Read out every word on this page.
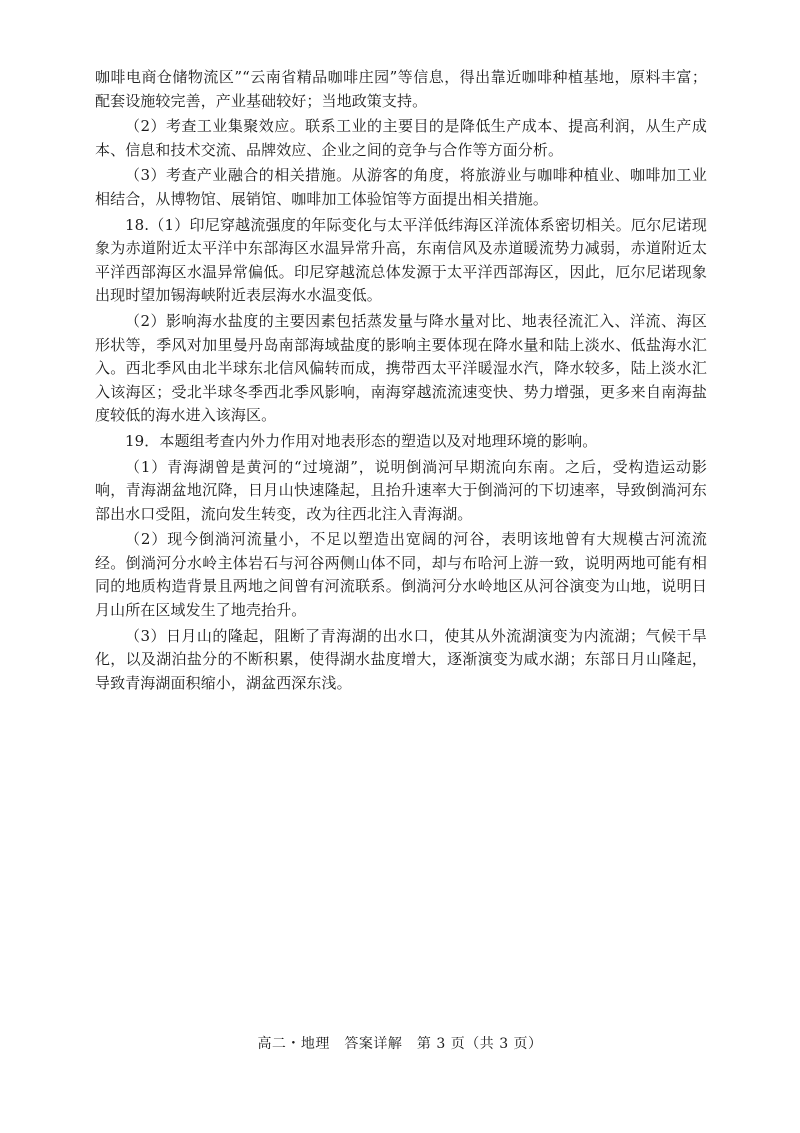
咖啡电商仓储物流区”“云南省精品咖啡庄园”等信息，得出靠近咖啡种植基地，原料丰富；配套设施较完善，产业基础较好；当地政策支持。

（2）考查工业集聚效应。联系工业的主要目的是降低生产成本、提高利润，从生产成本、信息和技术交流、品牌效应、企业之间的竞争与合作等方面分析。

（3）考查产业融合的相关措施。从游客的角度，将旅游业与咖啡种植业、咖啡加工业相结合，从博物馆、展销馆、咖啡加工体验馆等方面提出相关措施。

18.（1）印尼穿越流强度的年际变化与太平洋低纬海区洋流体系密切相关。厄尔尼诺现象为赤道附近太平洋中东部海区水温异常升高，东南信风及赤道暖流势力减弱，赤道附近太平洋西部海区水温异常偏低。印尼穿越流总体发源于太平洋西部海区，因此，厄尔尼诺现象出现时望加锡海峡附近表层海水水温变低。

（2）影响海水盐度的主要因素包括蒸发量与降水量对比、地表径流汇入、洋流、海区形状等，季风对加里曼丹岛南部海域盐度的影响主要体现在降水量和陆上淡水、低盐海水汇入。西北季风由北半球东北信风偏转而成，携带西太平洋暖湿水汽，降水较多，陆上淡水汇入该海区；受北半球冬季西北季风影响，南海穿越流流速变快、势力增强，更多来自南海盐度较低的海水进入该海区。

19．本题组考查内外力作用对地表形态的塑造以及对地理环境的影响。

（1）青海湖曾是黄河的“过境湖”，说明倒淌河早期流向东南。之后，受构造运动影响，青海湖盆地沉降，日月山快速隆起，且抬升速率大于倒淌河的下切速率，导致倒淌河东部出水口受阻，流向发生转变，改为往西北注入青海湖。

（2）现今倒淌河流量小，不足以塑造出宽阔的河谷，表明该地曾有大规模古河流流经。倒淌河分水岭主体岩石与河谷两侧山体不同，却与布哈河上游一致，说明两地可能有相同的地质构造背景且两地之间曾有河流联系。倒淌河分水岭地区从河谷演变为山地，说明日月山所在区域发生了地壳抬升。

（3）日月山的隆起，阻断了青海湖的出水口，使其从外流湖演变为内流湖；气候干旱化，以及湖泊盐分的不断积累，使得湖水盐度增大，逐渐演变为咸水湖；东部日月山隆起，导致青海湖面积缩小，湖盆西深东浅。

高二・地理　答案详解　第 3 页（共 3 页）
